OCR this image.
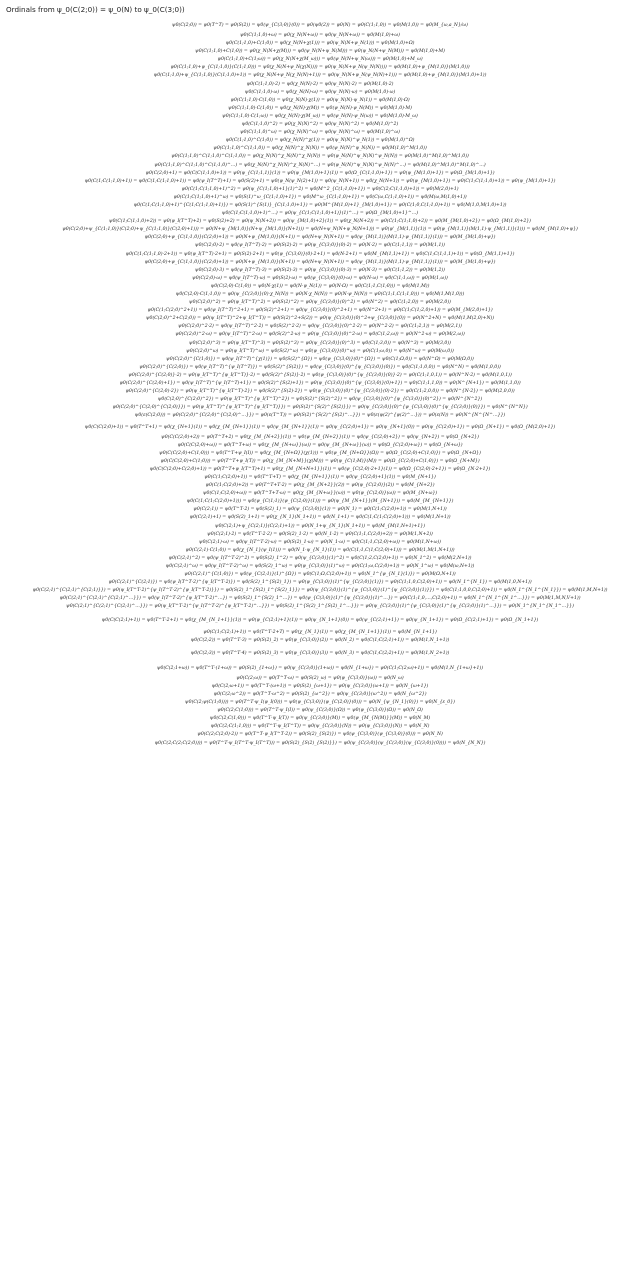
Ordinals from ψ_0(C(2;0)) = ψ_0(N) to ψ_0(C(3;0))
ψ0(C(2;0)) = ψ0(T^T) = ψ0(S(2)) = ψ0(ψ_{C(3;0)}(0)) = ψ0(ψ0(2)) = ψ0(N) = ψ0(C(1;1,0)) = ψ0(M(1,0)) = ψ0(M_{ω,a_N}/ω)
ψ0(C(1;1,0)+ω) = ψ0(χ_N(N+ω)) = ψ0(ψ_N(N+ω)) = ψ0(M(1,0)+ω)
ψ0(C(1;1,0)+C(1;0)) = ψ0(χ_N(N+χ(1))) = ψ0(ψ_N(N+ψ_N(1))) = ψ0(M(1,0)+Ω)
ψ0(C(1;1,0)+C(1;0)) = ψ0(χ_N(N+χ(M))) = ψ0(ψ_N(N+ψ_N(M))) = ψ0(ψ_N(N+ψ_N(M))) = ψ0(M(1,0)+M)
ψ0(C(1;1,0)+C(1;ω)) = ψ0(χ_N(N+χ(M_ω))) = ψ0(ψ_N(N+ψ_N(ω))) = ψ0(M(1,0)+M_ω)
ψ0(C(1;1,0)+ψ_{C(1;1,0)}(C(1;1,0))) = ψ0(χ_N(N+ψ_N(χ(N)))) = ψ0(ψ_N(N+ψ_N(ψ_N(N)))) = ψ0(M(1,0)+ψ_{M(1,0)}(M(1,0)))
ψ0(C(1;1,0)+ψ_{C(1;1,0)}(C(1;1,0)+1)) = ψ0(χ_N(N+ψ_N(χ_N(N)+1))) = ψ0(ψ_N(N+ψ_N(ψ_N(N)+1))) = ψ0(M(1,0)+ψ_{M(1,0)}(M(1,0)+1))
ψ0(C(1;1,0)·2) = ψ0(χ_N(N)·2) = ψ0(ψ_N(N)·2) = ψ0(M(1,0)·2)
ψ0(C(1;1,0)·ω) = ψ0(χ_N(N)·ω) = ψ0(ψ_N(N)·ω) = ψ0(M(1,0)·ω)
ψ0(C(1;1,0)·C(1;0)) = ψ0(χ_N(N)·χ(1)) = ψ0(ψ_N(N)·ψ_N(1)) = ψ0(M(1,0)·Ω)
ψ0(C(1;1,0)·C(1;0)) = ψ0(χ_N(N)·χ(M)) = ψ0(ψ_N(N)·ψ_N(M)) = ψ0(M(1,0)·M)
ψ0(C(1;1,0)·C(1;ω)) = ψ0(χ_N(N)·χ(M_ω)) = ψ0(ψ_N(N)·ψ_N(ω)) = ψ0(M(1,0)·M_ω)
ψ0(C(1;1,0)^2) = ψ0(χ_N(N)^2) = ψ0(ψ_N(N)^2) = ψ0(M(1,0)^2)
ψ0(C(1;1,0)^ω) = ψ0(χ_N(N)^ω) = ψ0(ψ_N(N)^ω) = ψ0(M(1,0)^ω)
ψ0(C(1;1,0)^C(1;0)) = ψ0(χ_N(N)^χ(1)) = ψ0(ψ_N(N)^ψ_N(1)) = ψ0(M(1,0)^Ω)
ψ0(C(1;1,0)^C(1;1,0)) = ψ0(χ_N(N)^χ_N(N)) = ψ0(ψ_N(N)^ψ_N(N)) = ψ0(M(1,0)^M(1,0))
ψ0(C(1;1,0)^C(1;1,0)^C(1;1,0)) = ψ0(χ_N(N)^χ_N(N)^χ_N(N)) = ψ0(ψ_N(N)^ψ_N(N)^ψ_N(N)) = ψ0(M(1,0)^M(1,0)^M(1,0))
ψ0(C(1;1,0)^C(1;1,0)^C(1;1,0)^…) = ψ0(χ_N(N)^χ_N(N)^χ_N(N)^…) = ψ0(ψ_N(N)^ψ_N(N)^ψ_N(N)^…) = ψ0(M(1,0)^M(1,0)^M(1,0)^…)
ψ0(C(2;0)+1) = ψ0(C(C(1;1,0)+1)) = ψ0(ψ_{C(1;1,1)}(1)) = ψ0(ψ_{M(1,0)+1}(1)) = ψ0(Ω_{C(1;1,0)+1}) = ψ0(ψ_{M(1,0)+1}) = ψ0(Ω_{M(1,0)+1})
ψ0(C(1;C(1;1,0)+1)) = ψ0(C(1;C(1;1,0)+1)) = ψ0(ψ_I(T^T)+1) = ψ0(S(2)+1) = ψ0(ψ_N(ψ_N(2)+1)) = ψ0(ψ_N(N+1)) = ψ0(χ_N(N+1)) = ψ0(ψ_{M(1,0)+1}) = ψ0(C(1;C(1;1,0)+1)) = ψ0(ψ_{M(1,0)+1})
ψ0(C(1;C(1;1,0)+1)^2) = ψ0(ψ_{C(1;1,0)+1}(1)^2) = ψ0(M^2_{C(1;1,0)+1}) = ψ0(C(2;C(1;1,0)+1)) = ψ0(M(2,0)+1)
ψ0(C(1;C(1;1,0)+1)^ω) = ψ0(S(1)^ω_{C(1;1,0)+1}) = ψ0(M^ω_{C(1;1,0)+1}) = ψ0(C(ω,C(1;1,0)+1)) = ψ0(M(ω,M(1,0)+1))
ψ0(C(1;C(1;1,0)+1)^{C(1;C(1;1,0)+1)}) = ψ0(S(1)^{S(1)}_{C(1;1,0)+1}) = ψ0(M^{M(1,0)+1}_{M(1,0)+1}) = ψ0(C(1;0,C(1;1,0)+1)) = ψ0(M(1,0,M(1,0)+1))
ψ0(C(1;C(1;1,0)+1)^…) = ψ0(ψ_{C(1;C(1;1,0)+1)}(1)^…) = ψ0(Ω_{M(1,0)+1}^…)
ψ0(C(1;C(1;1,0)+2)) = ψ0(ψ_I(T^T)+2) = ψ0(S(2)+2) = ψ0(ψ_N(N+2)) = ψ0(ψ_{M(1,0)+2}(1)) = ψ0(χ_N(N+2)) = ψ0(C(1;C(1;1,0)+2)) = ψ0(M_{M(1,0)+2}) = ψ0(Ω_{M(1,0)+2})
ψ0(C(2;0)+ψ_{C(1;1,0)}(C(2;0)+ψ_{C(1;1,0)}(C(2;0)+1))) = ψ0(N+ψ_{M(1,0)}(N+ψ_{M(1,0)}(N+1))) = ψ0(N+ψ_N(N+ψ_N(N+1))) = ψ0(ψ'_{M(1,1)}(1)) = ψ0(ψ_{M(1,1)}(M(1,1)·ψ_{M(1,1)}(1))) = ψ0(M_{M(1,0)+ψ})
ψ0(C(2;0)+ψ_{C(1;1,0)}(C(2;0)+1)) = ψ0(N+ψ_{M(1,0)}(N+1)) = ψ0(N+ψ_N(N+1)) = ψ0(ψ_{M(1,1)}(M(1,1)·ψ_{M(1,1)}(1))) = ψ0(M_{M(1,0)+ψ})
ψ0(C(2;0)·2) = ψ0(ψ_I(T^T)·2) = ψ0(S(2)·2) = ψ0(ψ_{C(3;0)}(0)·2) = ψ0(N·2) = ψ0(C(1;1,1)) = ψ0(M(1,1))
ψ0(C(1;C(1;1,0)·2+1)) = ψ0(ψ_I(T^T)·2+1) = ψ0(S(2)·2+1) = ψ0(ψ_{C(3;0)}(0)·2+1) = ψ0(N·2+1) = ψ0(M_{M(1,1)+1}) = ψ0(C(1;C(1;1,1)+1)) = ψ0(Ω_{M(1,1)+1})
ψ0(C(2;0)+ψ_{C(1;1,0)}(C(2;0)+1)) = ψ0(N+ψ_{M(1,0)}(N+1)) = ψ0(N+ψ_N(N+1)) = ψ0(ψ_{M(1,1)}(M(1,1)·ψ_{M(1,1)}(1))) = ψ0(M_{M(1,0)+ψ})
ψ0(C(2;0)·3) = ψ0(ψ_I(T^T)·3) = ψ0(S(2)·3) = ψ0(ψ_{C(3;0)}(0)·3) = ψ0(N·3) = ψ0(C(1;1,2)) = ψ0(M(1,2))
ψ0(C(2;0)·ω) = ψ0(ψ_I(T^T)·ω) = ψ0(S(2)·ω) = ψ0(ψ_{C(3;0)}(0)·ω) = ψ0(N·ω) = ψ0(C(1;1,ω)) = ψ0(M(1,ω))
ψ0(C(2;0)·C(1;0)) = ψ0(N·χ(1)) = ψ0(N·ψ_N(1)) = ψ0(N·Ω) = ψ0(C(1;1,C(1;0))) = ψ0(M(1,M))
ψ0(C(2;0)·C(1;1,0)) = ψ0(ψ_{C(3;0)}(0)·χ_N(N)) = ψ0(N·χ_N(N)) = ψ0(N·ψ_N(N)) = ψ0(C(1;1,C(1;1,0))) = ψ0(M(1,M(1,0)))
ψ0(C(2;0)^2) = ψ0(ψ_I(T^T)^2) = ψ0(S(2)^2) = ψ0(ψ_{C(3;0)}(0)^2) = ψ0(N^2) = ψ0(C(1;2,0)) = ψ0(M(2,0))
ψ0(C(1;C(2;0)^2+1)) = ψ0(ψ_I(T^T)^2+1) = ψ0(S(2)^2+1) = ψ0(ψ_{C(3;0)}(0)^2+1) = ψ0(N^2+1) = ψ0(C(1;C(1;2,0)+1)) = ψ0(M_{M(2,0)+1})
ψ0(C(2;0)^2+C(2;0)) = ψ0(ψ_I(T^T)^2+ψ_I(T^T)) = ψ0(S(2)^2+S(2)) = ψ0(ψ_{C(3;0)}(0)^2+ψ_{C(3;0)}(0)) = ψ0(N^2+N) = ψ0(M(1,M(2,0)+N))
ψ0(C(2;0)^2·2) = ψ0(ψ_I(T^T)^2·2) = ψ0(S(2)^2·2) = ψ0(ψ_{C(3;0)}(0)^2·2) = ψ0(N^2·2) = ψ0(C(1;2,1)) = ψ0(M(2,1))
ψ0(C(2;0)^2·ω) = ψ0(ψ_I(T^T)^2·ω) = ψ0(S(2)^2·ω) = ψ0(ψ_{C(3;0)}(0)^2·ω) = ψ0(C(1;2,ω)) = ψ0(N^2·ω) = ψ0(M(2,ω))
ψ0(C(2;0)^3) = ψ0(ψ_I(T^T)^3) = ψ0(S(2)^3) = ψ0(ψ_{C(3;0)}(0)^3) = ψ0(C(1;3,0)) = ψ0(N^3) = ψ0(M(3,0))
ψ0(C(2;0)^ω) = ψ0(ψ_I(T^T)^ω) = ψ0(S(2)^ω) = ψ0(ψ_{C(3;0)}(0)^ω) = ψ0(C(1;ω,0)) = ψ0(N^ω) = ψ0(M(ω,0))
ψ0(C(2;0)^{C(1;0)}) = ψ0(ψ_I(T^T)^{χ(1)}) = ψ0(S(2)^{Ω}) = ψ0(ψ_{C(3;0)}(0)^{Ω}) = ψ0(C(1;Ω,0)) = ψ0(N^Ω) = ψ0(M(Ω,0))
ψ0(C(2;0)^{C(2;0)}) = ψ0(ψ_I(T^T)^{ψ_I(T^T)}) = ψ0(S(2)^{S(2)}) = ψ0(ψ_{C(3;0)}(0)^{ψ_{C(3;0)}(0)}) = ψ0(C(1;1,0,0)) = ψ0(N^N) = ψ0(M(1,0,0))
ψ0(C(2;0)^{C(2;0)}·2) = ψ0(ψ_I(T^T)^{ψ_I(T^T)}·2) = ψ0(S(2)^{S(2)}·2) = ψ0(ψ_{C(3;0)}(0)^{ψ_{C(3;0)}(0)}·2) = ψ0(C(1;1,0,1)) = ψ0(N^N·2) = ψ0(M(1,0,1))
ψ0(C(2;0)^{C(2;0)+1}) = ψ0(ψ_I(T^T)^{ψ_I(T^T)+1}) = ψ0(S(2)^{S(2)+1}) = ψ0(ψ_{C(3;0)}(0)^{ψ_{C(3;0)}(0)+1}) = ψ0(C(1;1,1,0)) = ψ0(N^{N+1}) = ψ0(M(1,1,0))
ψ0(C(2;0)^{C(2;0)·2}) = ψ0(ψ_I(T^T)^{ψ_I(T^T)·2}) = ψ0(S(2)^{S(2)·2}) = ψ0(ψ_{C(3;0)}(0)^{ψ_{C(3;0)}(0)·2}) = ψ0(C(1;2,0,0)) = ψ0(N^{N·2}) = ψ0(M(2,0,0))
ψ0(C(2;0)^{C(2;0)^2}) = ψ0(ψ_I(T^T)^{ψ_I(T^T)^2}) = ψ0(S(2)^{S(2)^2}) = ψ0(ψ_{C(3;0)}(0)^{ψ_{C(3;0)}(0)^2}) = ψ0(N^{N^2})
ψ0(C(2;0)^{C(2;0)^{C(2;0)}}) = ψ0(ψ_I(T^T)^{ψ_I(T^T)^{ψ_I(T^T)}}) = ψ0(S(2)^{S(2)^{S(2)}}) = ψ0(ψ_{C(3;0)}(0)^{ψ_{C(3;0)}(0)^{ψ_{C(3;0)}(0)}}) = ψ0(N^{N^N})
ψ0(ε(C(2;0))) = ψ0(C(2;0)^{C(2;0)^{C(2;0)^…}}) = ψ0(ε(T^T)) = ψ0(S(2)^{S(2)^{S(2)^…}}) = ψ0(ε(ψ(2)^{ψ(2)^…})) = ψ0(ε(N)) = ψ0(N^{N^{N^…}})
ψ0(C(C(2;0)+1)) = ψ0(T^T+1) = ψ0(χ_{N+1}(1)) = ψ0(χ_{M_{N+1}}(1)) = ψ0(ψ_{M_{N+1}}(1)) = ψ0(ψ_{C(2;0)+1}) = ψ0(ψ_{N+1}(0)) = ψ0(ψ_{C(2;0)+1}) = ψ0(Ω_{N+1}) = ψ0(Ω_{M(2,0)+1})
ψ0(C(C(2;0)+2)) = ψ0(T^T+2) = ψ0(χ_{M_{N+2}}(1)) = ψ0(ψ_{M_{N+2}}(1)) = ψ0(ψ_{C(2;0)+2}) = ψ0(ψ_{N+2}) = ψ0(Ω_{N+2})
ψ0(C(C(2;0)+ω)) = ψ0(T^T+ω) = ψ0(χ_{M_{N+ω}}(ω)) = ψ0(ψ_{M_{N+ω}}(ω)) = ψ0(Ω_{C(2;0)+ω}) = ψ0(Ω_{N+ω})
ψ0(C(C(2;0)+C(1;0))) = ψ0(T^T+ψ_I(I)) = ψ0(χ_{M_{N+Ω}}(χ(1))) = ψ0(ψ_{M_{N+Ω}}(Ω)) = ψ0(Ω_{C(2;0)+C(1;0)}) = ψ0(Ω_{N+Ω})
ψ0(C(C(2;0)+C(1;0))) = ψ0(T^T+ψ_I(T)) = ψ0(χ_{M_{N+M}}(χ(M))) = ψ0(ψ_{C(1;M)}(M)) = ψ0(Ω_{C(2;0)+C(1;0)}) = ψ0(Ω_{N+M})
ψ0(C(C(2;0)+C(2;0)+1)) = ψ0(T^T+ψ_I(T^T)+1) = ψ0(χ_{M_{N+N+1}}(1)) = ψ0(ψ_{C(2;0)·2+1}(1)) = ψ0(Ω_{C(2;0)·2+1}) = ψ0(Ω_{N·2+1})
ψ0(C(1;C(2;0)+1)) = ψ0(T^T+T) = ψ0(χ_{M_{N+1}}(1)) = ψ0(ψ_{C(2;0)+1}(1)) = ψ0(M_{N+1})
ψ0(C(1;C(2;0)+2)) = ψ0(T^T+T·2) = ψ0(χ_{M_{N+2}}(2)) = ψ0(ψ_{C(2;0)}(2)) = ψ0(M_{N+2})
ψ0(C(1;C(2;0)+ω)) = ψ0(T^T+T·ω) = ψ0(χ_{M_{N+ω}}(ω)) = ψ0(ψ_{C(2;0)}(ω)) = ψ0(M_{N+ω})
ψ0(C(1;C(1;C(2;0)+1))) = ψ0(ψ_{C(1;1)}(ψ_{C(2;0)}(1))) = ψ0(ψ_{M_{N+1}}(M_{N+1})) = ψ0(M_{M_{N+1}})
ψ0(C(2;1)) = ψ0(T^T·2) = ψ0(S(2)_1) = ψ0(ψ_{C(3;0)}(1)) = ψ0(N_1) = ψ0(C(1;C(2;0)+1)) = ψ0(M(1,N+1))
ψ0(C(2;1)+1) = ψ0(S(2)_1+1) = ψ0(χ_{N_1}(N_1+1)) = ψ0(N_1+1) = ψ0(C(1;C(1;C(2;0)+1))) = ψ0(M(1,N+1))
ψ0(C(2;1)+ψ_{C(2;1)}(C(2;1)+1)) = ψ0(N_1+ψ_{N_1}(N_1+1)) = ψ0(M_{M(1,N+1)+1})
ψ0(C(2;1)·2) = ψ0(T^T·2·2) = ψ0(S(2)_1·2) = ψ0(N_1·2) = ψ0(C(1;1,C(2;0)+2)) = ψ0(M(1,N+2))
ψ0(C(2;1)·ω) = ψ0(ψ_I(T^T·2)·ω) = ψ0(S(2)_1·ω) = ψ0(N_1·ω) = ψ0(C(1;1,C(2;0)+ω)) = ψ0(M(1,N+ω))
ψ0(C(2;1)·C(1;0)) = ψ0(χ_{N_1}(ψ_I(1))) = ψ0(N_1·ψ_{N_1}(1)) = ψ0(C(1;1,C(1;C(2;0)+1))) = ψ0(M(1,M(1,N+1)))
ψ0(C(2;1)^2) = ψ0(ψ_I(T^T·2)^2) = ψ0(S(2)_1^2) = ψ0(ψ_{C(3;0)}(1)^2) = ψ0(C(1;2,C(2;0)+1)) = ψ0(N_1^2) = ψ0(M(2,N+1))
ψ0(C(2;1)^ω) = ψ0(ψ_I(T^T·2)^ω) = ψ0(S(2)_1^ω) = ψ0(ψ_{C(3;0)}(1)^ω) = ψ0(C(1;ω,C(2;0)+1)) = ψ0(N_1^ω) = ψ0(M(ω,N+1))
ψ0(C(2;1)^{C(1;0)}) = ψ0(ψ_{C(2;1)}(1)^{Ω}) = ψ0(C(1;Ω,C(2;0)+1)) = ψ0(N_1^{ψ_{N_1}(1)}) = ψ0(M(Ω,N+1))
ψ0(C(2;1)^{C(2;1)}) = ψ0(ψ_I(T^T·2)^{ψ_I(T^T·2)}) = ψ0(S(2)_1^{S(2)_1}) = ψ0(ψ_{C(3;0)}(1)^{ψ_{C(3;0)}(1)}) = ψ0(C(1;1,0,C(2;0)+1)) = ψ0(N_1^{N_1}) = ψ0(M(1,0,N+1))
ψ0(C(2;1)^{C(2;1)^{C(2;1)}}) = ψ0(ψ_I(T^T·2)^{ψ_I(T^T·2)^{ψ_I(T^T·2)}}) = ψ0(S(2)_1^{S(2)_1^{S(2)_1}}) = ψ0(ψ_{C(3;0)}(1)^{ψ_{C(3;0)}(1)^{ψ_{C(3;0)}(1)}}) = ψ0(C(1;1,0,0,C(2;0)+1)) = ψ0(N_1^{N_1^{N_1}}) = ψ0(M(1,M,N+1))
ψ0(C(2;1)^{C(2;1)^{C(2;1)^…}}) = ψ0(ψ_I(T^T·2)^{ψ_I(T^T·2)^…}) = ψ0(S(2)_1^{S(2)_1^…}) = ψ0(ψ_{C(3;0)}(1)^{ψ_{C(3;0)}(1)^…}) = ψ0(C(1;1,0,…,C(2;0)+1)) = ψ0(N_1^{N_1^{N_1^…}}) = ψ0(M(1,M,N,V+1))
ψ0(C(2;1)^{C(2;1)^{C(2;1)^…}}) = ψ0(ψ_I(T^T·2)^{ψ_I(T^T·2)^{ψ_I(T^T·2)^…}}) = ψ0(S(2)_1^{S(2)_1^{S(2)_1^…}}) = ψ0(ψ_{C(3;0)}(1)^{ψ_{C(3;0)}(1)^{ψ_{C(3;0)}(1)^…}}) = ψ0(N_1^{N_1^{N_1^…}})
ψ0(C(C(2;1)+1)) = ψ0(T^T·2+1) = ψ0(χ_{M_{N_1+1}}(1)) = ψ0(ψ_{C(2;1)+1}(1)) = ψ0(ψ_{N_1+1}(0)) = ψ0(ψ_{C(2;1)+1}) = ψ0(ψ_{N_1+1}) = ψ0(Ω_{C(2;1)+1}) = ψ0(Ω_{N_1+1})
ψ0(C(1;C(2;1)+1)) = ψ0(T^T·2+T) = ψ0(χ_{N_1}(1)) = ψ0(χ_{M_{N_1+1}}(1)) = ψ0(M_{N_1+1})
ψ0(C(2;2)) = ψ0(T^T·3) = ψ0(S(2)_2) = ψ0(ψ_{C(3;0)}(2)) = ψ0(N_2) = ψ0(C(1;C(2;1)+1)) = ψ0(M(1,N_1+1))
ψ0(C(2;3)) = ψ0(T^T·4) = ψ0(S(2)_3) = ψ0(ψ_{C(3;0)}(3)) = ψ0(N_3) = ψ0(C(1;C(2;2)+1)) = ψ0(M(1,N_2+1))
ψ0(C(2;1+ω)) = ψ0(T^T·(1+ω)) = ψ0(S(2)_{1+ω}) = ψ0(ψ_{C(3;0)}(1+ω)) = ψ0(N_{1+ω}) = ψ0(C(1;C(2;ω)+1)) = ψ0(M(1,N_{1+ω}+1))
ψ0(C(2;ω)) = ψ0(T^T·ω) = ψ0(S(2)_ω) = ψ0(ψ_{C(3;0)}(ω)) = ψ0(N_ω)
ψ0(C(2;ω+1)) = ψ0(T^T·(ω+1)) = ψ0(S(2)_{ω+1}) = ψ0(ψ_{C(3;0)}(ω+1)) = ψ0(N_{ω+1})
ψ0(C(2;ω^2)) = ψ0(T^T·ω^2) = ψ0(S(2)_{ω^2}) = ψ0(ψ_{C(3;0)}(ω^2)) = ψ0(N_{ω^2})
ψ0(C(2;ψ(C(1;0)))) = ψ0(T^T·ψ_I(ψ_I(0))) = ψ0(ψ_{C(3;0)}(ψ_{C(2;0)}(0))) = ψ0(N_{ψ_{N_1}(0)}) = ψ0(N_{ε_0})
ψ0(C(2;C(1;0))) = ψ0(T^T·ψ_I(I)) = ψ0(ψ_{C(3;0)}(Ω)) = ψ0(ψ_{C(3;0)}(Ω)) = ψ0(N_Ω)
ψ0(C(2;C(1;0))) = ψ0(T^T·ψ_I(T)) = ψ0(ψ_{C(3;0)}(M)) = ψ0(ψ_{M_{N(M)}}(M)) = ψ0(N_M)
ψ0(C(2;C(1;1,0))) = ψ0(T^T·ψ_I(T^T)) = ψ0(ψ_{C(3;0)}(N)) = ψ0(ψ_{C(3;0)}(N)) = ψ0(N_N)
ψ0(C(2;C(2;0)·2)) = ψ0(T^T·ψ_I(T^T·2)) = ψ0(S(2)_{S(2)}) = ψ0(ψ_{C(3;0)}(ψ_{C(3;0)}(0))) = ψ0(N_N)
ψ0(C(2;C(2;C(2;0)))) = ψ0(T^T·ψ_I(T^T·ψ_I(T^T))) = ψ0(S(2)_{S(2)_{S(2)}}) = ψ0(ψ_{C(3;0)}(ψ_{C(3;0)}(ψ_{C(3;0)}(0)))) = ψ0(N_{N_N})
